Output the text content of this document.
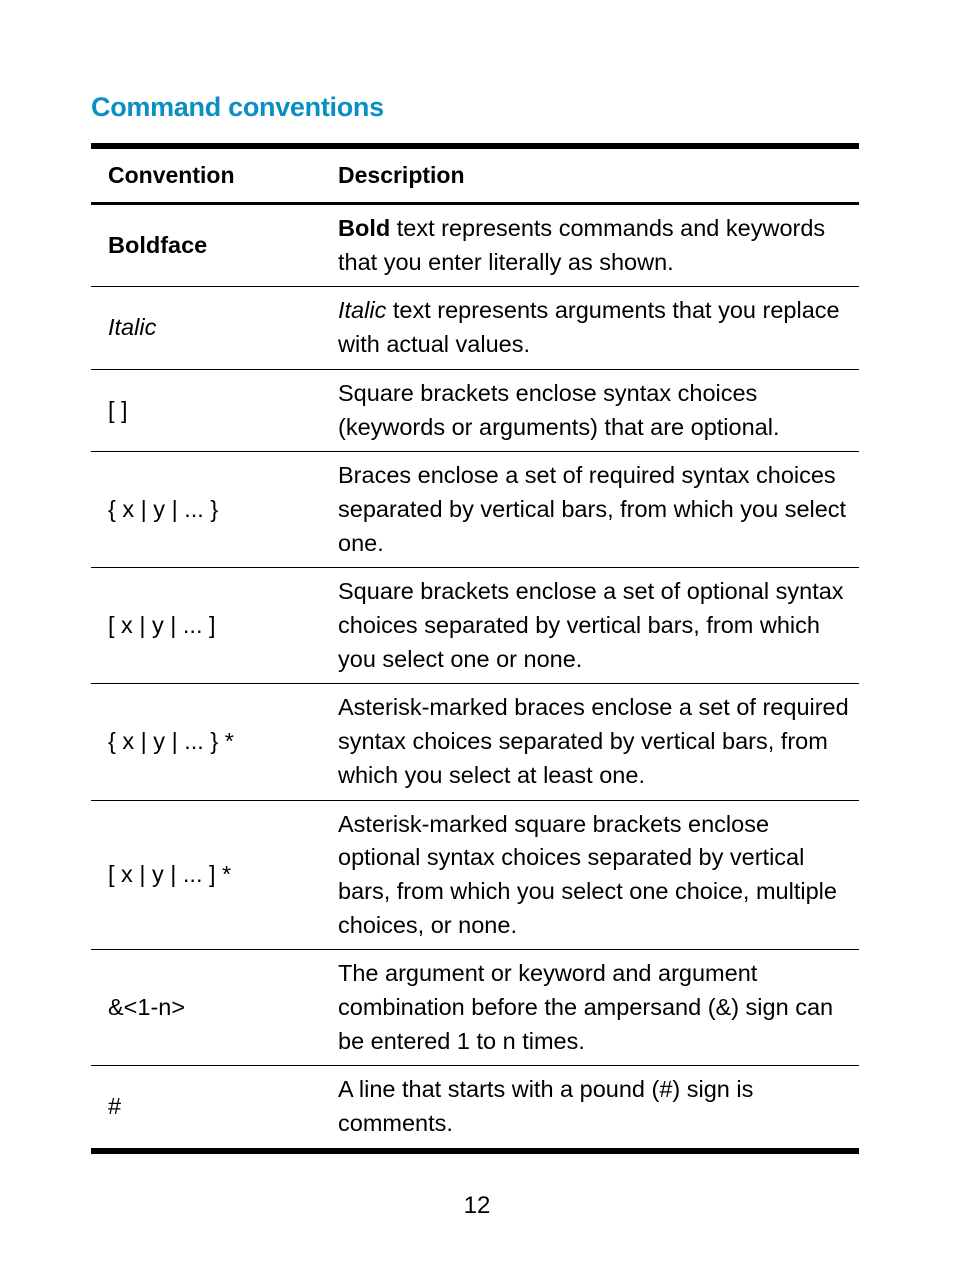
Command conventions
Convention	Description
Boldface	Bold text represents commands and keywords that you enter literally as shown.
Italic	Italic text represents arguments that you replace with actual values.
[ ]	Square brackets enclose syntax choices (keywords or arguments) that are optional.
{ x | y | ... }	Braces enclose a set of required syntax choices separated by vertical bars, from which you select one.
[ x | y | ... ]	Square brackets enclose a set of optional syntax choices separated by vertical bars, from which you select one or none.
{ x | y | ... } *	Asterisk-marked braces enclose a set of required syntax choices separated by vertical bars, from which you select at least one.
[ x | y | ... ] *	Asterisk-marked square brackets enclose optional syntax choices separated by vertical bars, from which you select one choice, multiple choices, or none.
&<1-n>	The argument or keyword and argument combination before the ampersand (&) sign can be entered 1 to n times.
#	A line that starts with a pound (#) sign is comments.
12
